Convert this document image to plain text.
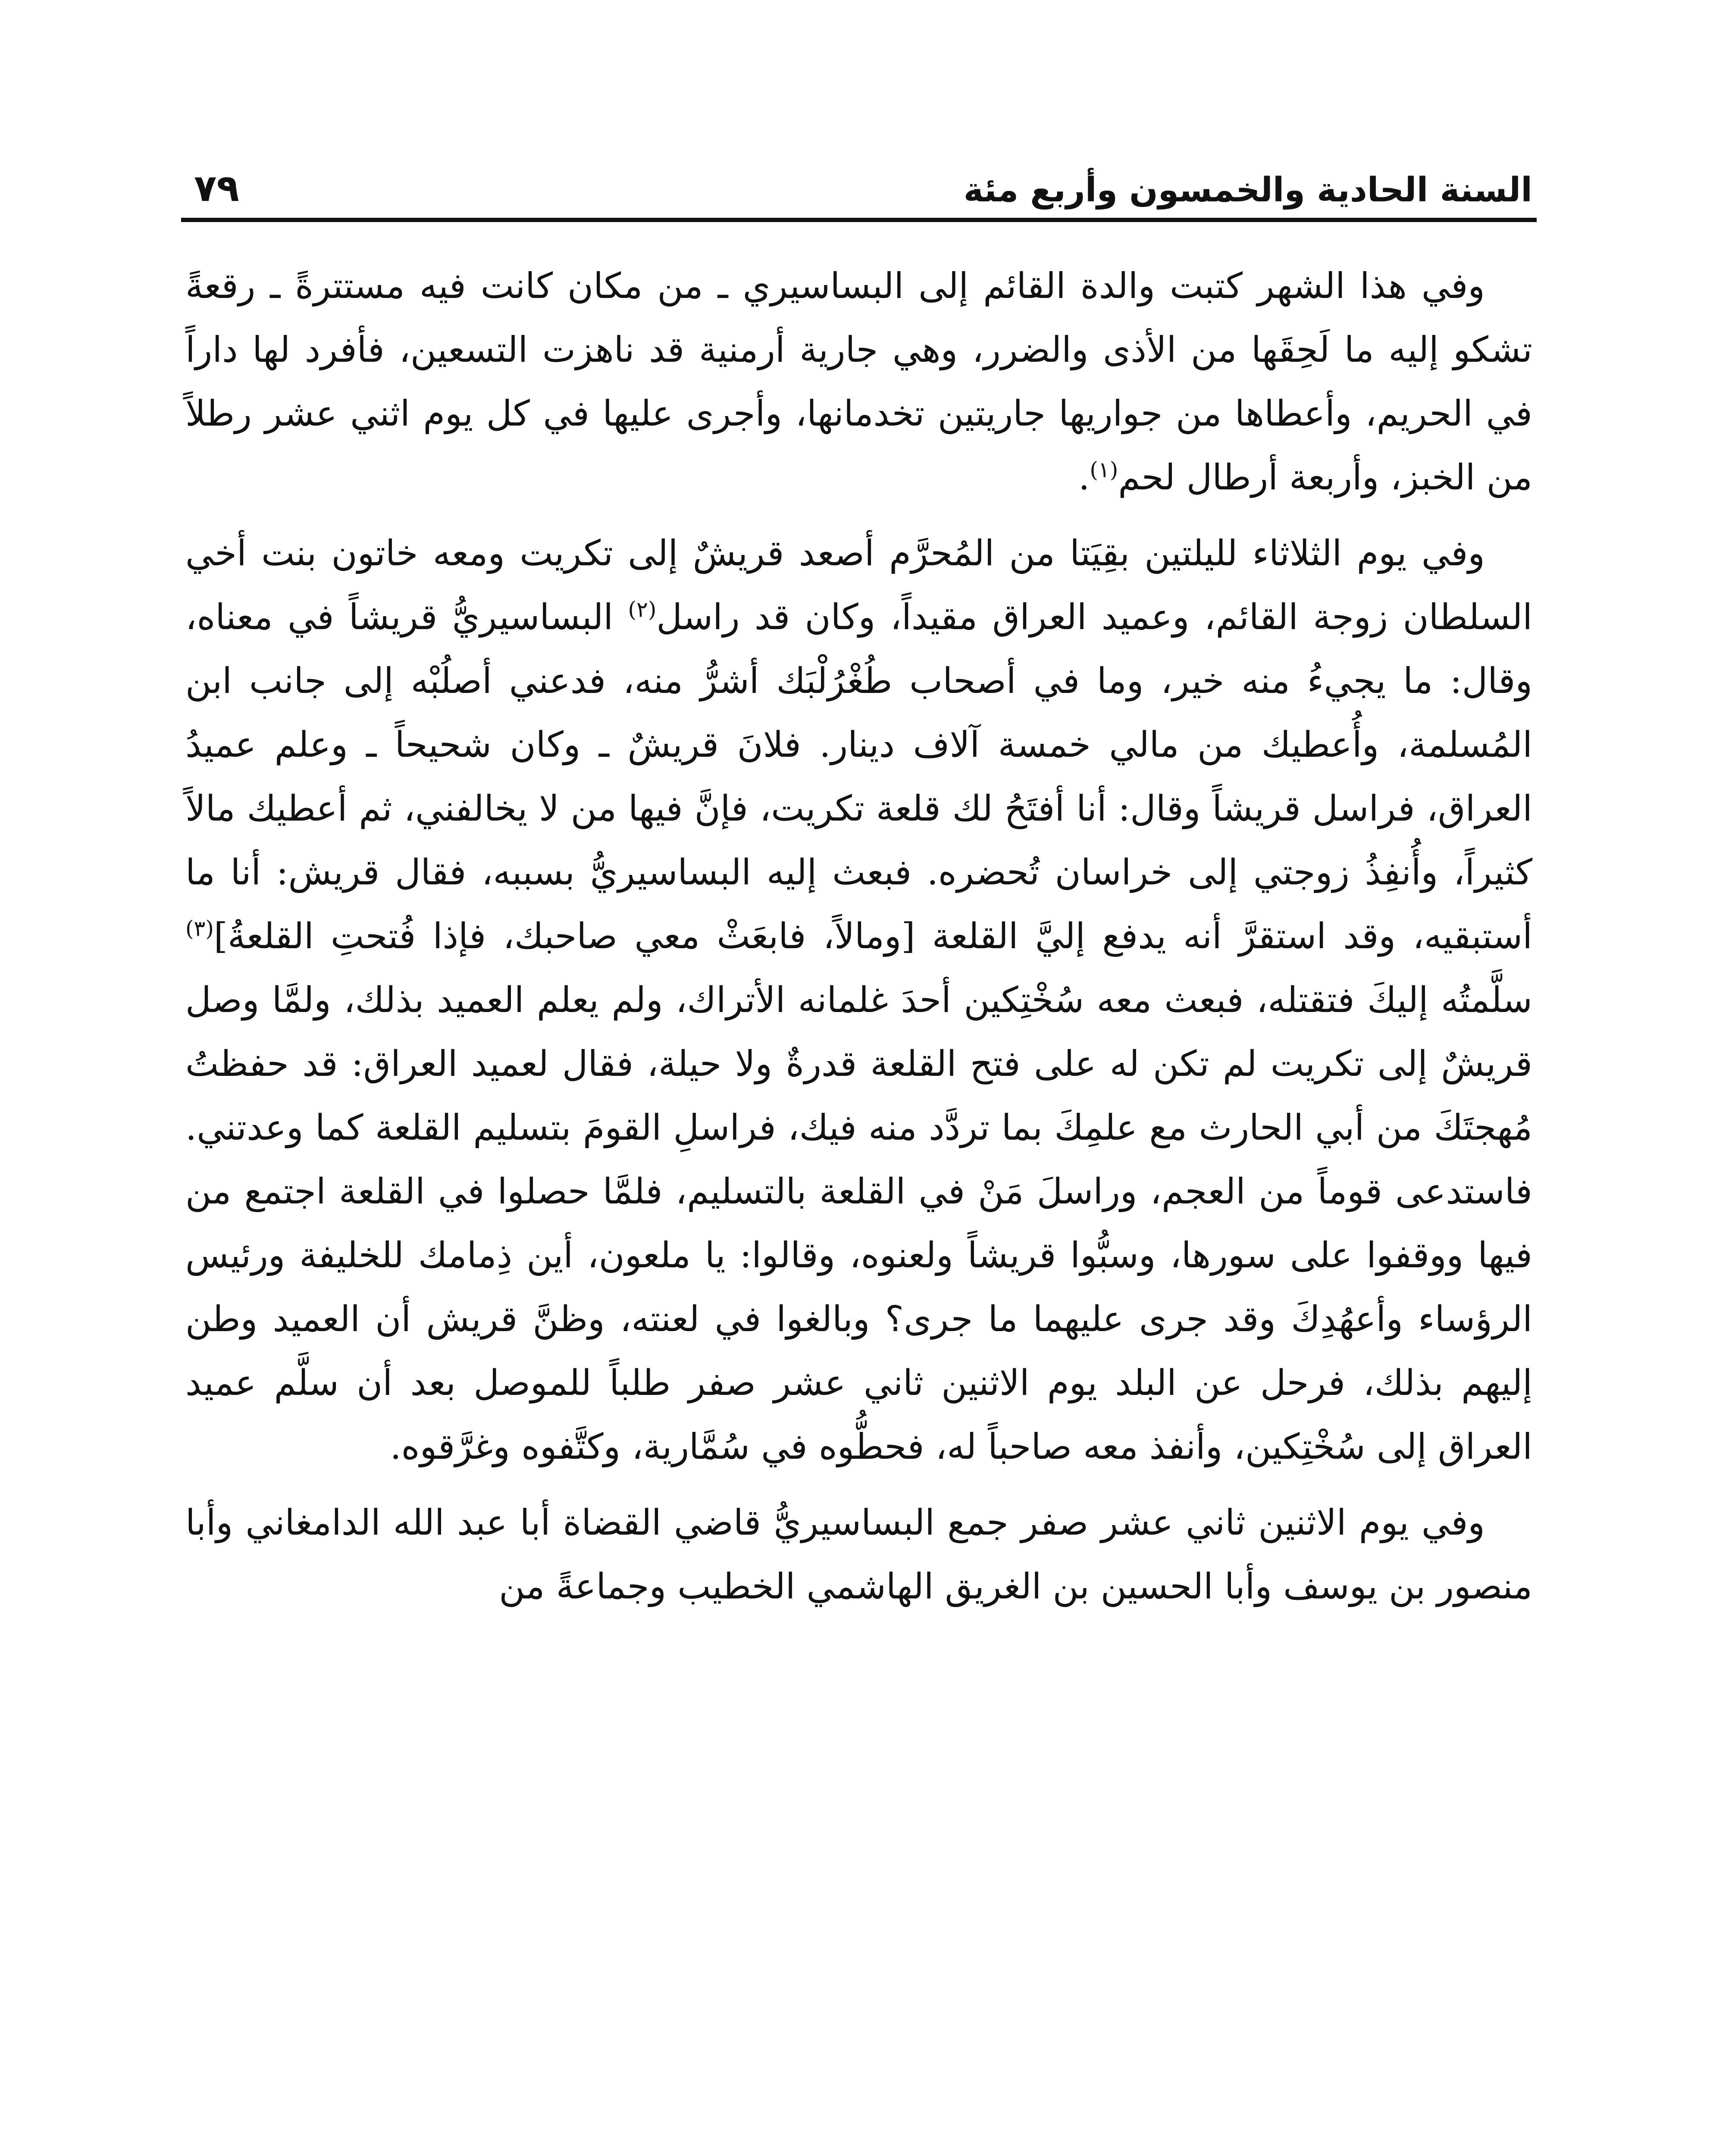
السنة الحادية والخمسون وأربع مئة
٧٩

وفي هذا الشهر كتبت والدة القائم إلى البساسيري ـ من مكان كانت فيه مستترةً ـ رقعةً تشكو إليه ما لَحِقَها من الأذى والضرر، وهي جارية أرمنية قد ناهزت التسعين، فأفرد لها داراً في الحريم، وأعطاها من جواريها جاريتين تخدمانها، وأجرى عليها في كل يوم اثني عشر رطلاً من الخبز، وأربعة أرطال لحم$^{(١)}$.

وفي يوم الثلاثاء لليلتين بقِيَتا من المُحرَّم أصعد قريشٌ إلى تكريت ومعه خاتون بنت أخي السلطان زوجة القائم، وعميد العراق مقيداً، وكان قد راسل$^{(٢)}$ البساسيريُّ قريشاً في معناه، وقال: ما يجيءُ منه خير، وما في أصحاب طُغْرُلْبَك أشرُّ منه، فدعني أصلُبْه إلى جانب ابن المُسلمة، وأُعطيك من مالي خمسة آلاف دينار. فلانَ قريشٌ ـ وكان شحيحاً ـ وعلم عميدُ العراق، فراسل قريشاً وقال: أنا أفتَحُ لك قلعة تكريت، فإنَّ فيها من لا يخالفني، ثم أعطيك مالاً كثيراً، وأُنفِذُ زوجتي إلى خراسان تُحضره. فبعث إليه البساسيريُّ بسببه، فقال قريش: أنا ما أستبقيه، وقد استقرَّ أنه يدفع إليَّ القلعة [ومالاً، فابعَثْ معي صاحبك، فإذا فُتحتِ القلعةُ]$^{(٣)}$ سلَّمتُه إليكَ فتقتله، فبعث معه سُخْتِكين أحدَ غلمانه الأتراك، ولم يعلم العميد بذلك، ولمَّا وصل قريشٌ إلى تكريت لم تكن له على فتح القلعة قدرةٌ ولا حيلة، فقال لعميد العراق: قد حفظتُ مُهجتَكَ من أبي الحارث مع علمِكَ بما تردَّد منه فيك، فراسلِ القومَ بتسليم القلعة كما وعدتني. فاستدعى قوماً من العجم، وراسلَ مَنْ في القلعة بالتسليم، فلمَّا حصلوا في القلعة اجتمع من فيها ووقفوا على سورها، وسبُّوا قريشاً ولعنوه، وقالوا: يا ملعون، أين ذِمامك للخليفة ورئيس الرؤساء وأعهُدِكَ وقد جرى عليهما ما جرى؟ وبالغوا في لعنته، وظنَّ قريش أن العميد وطن إليهم بذلك، فرحل عن البلد يوم الاثنين ثاني عشر صفر طلباً للموصل بعد أن سلَّم عميد العراق إلى سُخْتِكين، وأنفذ معه صاحباً له، فحطُّوه في سُمَّارية، وكتَّفوه وغرَّقوه.

وفي يوم الاثنين ثاني عشر صفر جمع البساسيريُّ قاضي القضاة أبا عبد الله الدامغاني وأبا منصور بن يوسف وأبا الحسين بن الغريق الهاشمي الخطيب وجماعةً من
